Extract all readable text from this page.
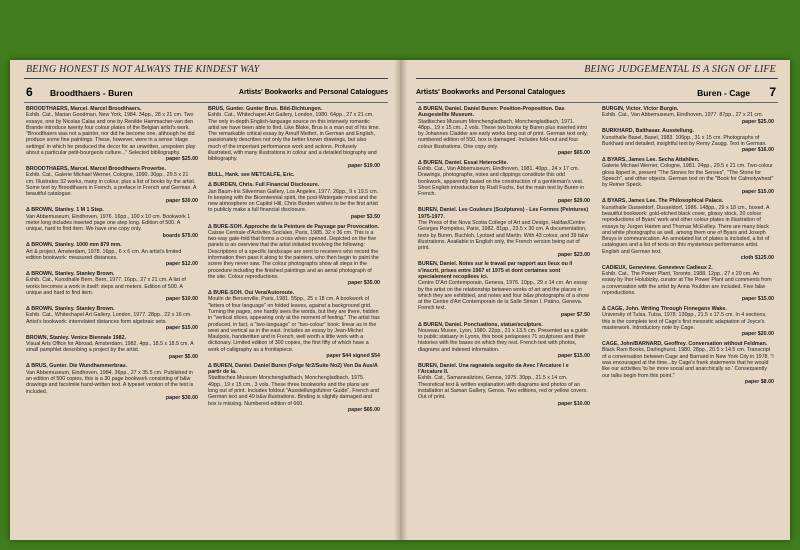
BEING HONEST IS NOT ALWAYS THE KINDEST WAY
6 Broodthaers - Buren	Artists' Bookworks and Personal Catalogues
BROODTHAERS, Marcel. Marcel Broodthaers.
Exhib. Cat., Marian Goodman, New York, 1984. 34pp., 28 x 21 cm. Two essays, one by Nicolas Calas and one by Renilde Hammacher-van den Brande introduce twenty four colour plates of the Belgian artist's work. "Broodthaers was not a painter, nor did he become one, although he did produce some fine paintings. These, however, were in a sense 'stage settings' in which he produced the decor for an unwritten, unspoken play about a particular petit-bourgeois culture..." Selected bibliography.
paper $25.00
BROODTHAERS, Marcel. Marcel Broodthaers Proverbe.
Exhib. Cat., Galerie Michael Werner, Cologne, 1990. 30pp., 29.5 x 21 cm. Illustrates 32 works, many in colour, plus a list of books by the artist. Some text by Broodthaers in French, a preface in French and German. A beautiful catalogue.
paper $30.00
Δ BROWN, Stanley. 1 M 1 Step.
Van Abbemuseum, Eindhoven, 1976. 16pp., 100 x 10 cm. Bookwork 1 meter long includes inserted page one step long. Edition of 500. A unique, hard to find item. We have one copy only.
boards $75.00
Δ BROWN, Stanley. 1000 mm 879 mm.
Art & project, Amsterdam, 1978. 16pp., 6 x 6 cm. An artist's limited edition bookwork: measured distances.
paper $12.00
Δ BROWN, Stanley. Stanley Brown.
Exhib. Cat., Kunsthalle Bern, Bern, 1977. 16pp., 27 x 21 cm. A list of works becomes a work in itself: steps and meters. Edition of 500. A unique and hard to find item.
paper $10.00
Δ BROWN, Stanley. Stanley Brown.
Exhib. Cat., Whitechapel Art Gallery, London, 1977. 28pp., 22 x 16 cm. Artist's bookwork: interrelated distances form algebraic sets.
paper $15.00
BROWN, Stanley. Venice Biennale 1982.
Visual Arts Office for Abroad, Amsterdam, 1982. 4pp., 18.5 x 18.5 cm. A small pamphlet describing a project by the artist.
paper $5.00
Δ BRUS, Gunter. Die Wundhammerbrau.
Van Abbemuseum, Eindhoven, 1984. 36pp., 27 x 35.5 cm. Published in an edition of 500 copies, this is a 30 page bookwork consisting of b&w drawings and facsimile hand-written text. A typeset version of the text is included.
paper $30.00
BRUS, Gunter. Gunter Brus. Bild-Dichtungen.
Exhib. Cat., Whitechapel Art Gallery, London, 1980. 64pp., 27 x 21 cm. The only in-depth English-language source on this intensely romantic artist we have been able to find. Like Blake, Brus is a man out of his time. The remarkable critical essay by Arnulf Meifert, in German and English, passionately describes not only the better known drawings, but also much of the important performance work and actions. Profusely illustrated, with many illustrations in colour and a detailed biography and bibliography.
paper $19.00
BULL, Hank. see METCALFE, Eric.
Δ BURDEN, Chris. Full Financial Disclosure.
Jan Baum-Iris Silverman Gallery, Los Angeles, 1977. 26pp., 9 x 19.5 cm. In keeping with the Bicentennial spirit, the post-Watergate mood and the new atmosphere on Capitol Hill, Chris Burden wishes to be the first artist to publicly make a full financial disclosure.
paper $3.50
Δ BURE-SOH. Approche de la Peinture de Paysage par Provocation.
Caisse Centrale d'Activites Sociales, Paris, 1985. 32 x 36 cm. This is a two-way gate-fold that forms a cross when opened. Depicted on the five panels is an overview that the artist initiated involving the following: Descriptions of a specific landscape are sent to receivers who record the information then pass it along to the painters, who then begin to paint the scene they never saw. The colour photographs show all steps in the procedure including the finished paintings and an aerial photograph of the site. Colour reproductions.
paper $35.00
Δ BURE-SOH. Oui Vera/Autoroute.
Moulin de Bercenville, Paris, 1981. 55pp., 25 x 18 cm. A bookwork of "letters of four language" on folded leaves, against a background grid. Turning the pages, one hardly sees the words, but they are there, hidden in "vertical slices, appearing only at the moment of feeling." The artist has produced, in fact, a "two-language" or "two-colour" book: linear as in the west and vertical as in the east. Includes an essay by Jean-Michel Maulpoix, handwritten and in French, well worth a little work with a dictionary. Limited edition of 300 copies, the first fifty of which have a work of calligraphy as a frontispiece.
paper $44 signed $54
Δ BUREN, Daniel. Daniel Buren (Folge Nr2/Suite No2) Von Da Aus/A partir de la.
Stadtisches Museum Monchengladbach, Monchengladbach, 1975. 49pp., 19 x 15 cm., 3 vols. These three bookworks and the plans are long out of print. Includes foldout "Ausstellungsfuhrer Guide". French and German text and 49 b&w illustrations. Binding is slightly damaged and box is missing. Numbered edition of 660.
paper $65.00
BEING JUDGEMENTAL IS A SIGN OF LIFE
Artists' Bookworks and Personal Catalogues	Buren - Cage 7
Δ BUREN, Daniel. Daniel Buren: Position-Proposition. Das Ausgestellte Museum.
Stadtisches Museum Monchengladbach, Monchengladbach, 1971. 48pp., 19 x 15 cm., 2 vols. These two books by Buren plus inserted intro by Johannes Cladder are early works long out of print. German text only, numbered edition of 550, box is damaged. Includes fold-out and four colour illustrations. One copy only.
paper $65.00
Δ BUREN, Daniel. Essai Heteroclite.
Exhib. Cat., Van Abbemuseum, Eindhoven, 1981. 40pp., 24 x 17 cm. Drawings, photographs, notes and clippings constitute this odd bookwork, apparently based on the construction of a gentleman's vest. Short English introduction by Rudi Fuchs, but the main text by Buren in French.
paper $29.00
BUREN, Daniel. Les Couleurs (Sculptures) - Les Formes (Peintures) 1975-1977.
The Press of the Nova Scotia College of Art and Design, Halifax/Centre Georges Pompidou, Paris, 1982. 81pp., 23.5 x 30 cm. A documentation, texts by Buren, Buchloh, Lyotard and Martin. With 43 colour, and 39 b&w illustrations. Available in English only, the French version being out of print.
paper $23.00
BUREN, Daniel. Notes sur le travail par rapport aux lieux ou il s'inscrit, prises entre 1967 et 1975 et dont certaines sont specialement recopilees ici.
Centre D'Art Contemporain, Geneva, 1976. 10pp., 29 x 14 cm. An essay by the artist on the relationship between works of art and the places in which they are exhibited, and notes and four b&w photographs of a show at the Centre d'Art Contemporain de la Salle Simon I. Patino, Geneva. French text.
paper $7.50
Δ BUREN, Daniel. Ponctuations, statue/sculpture.
Nouveau Musee, Lyon, 1980. 22pp., 21 x 13.5 cm. Presented as a guide to public statuary in Lyons, this book juxtaposes 71 sculptures and their histories with the bases on which they rest. French text with photos, diagrams and indexed information.
paper $15.00
BUREN, Daniel. Una ragnatela seguito da Avec l'Arcature l e l'Arcature II.
Exhib. Cat., Samanealizioni, Genoa, 1975. 30pp., 21.5 x 14 cm. Theoretical text & written explanation with diagrams and photos of an installation at Saman Gallery, Genoa. Two editions, red or yellow covers. Out of print.
paper $10.00
BURGIN, Victor. Victor Burgin.
Exhib. Cat., Van Abbemuseum, Eindhoven, 1977. 87pp., 27 x 21 cm.
paper $25.00
BURKHARD, Balthasar. Ausstellung.
Kunsthalle Basel, Basel, 1983. 106pp., 31 x 15 cm. Photographs of Burkhard and detailed, insightful text by Remy Zaugg. Text in German.
paper $16.00
Δ BYARS, James Lee. Secha Attahilen.
Galerie Michael Werner, Cologne, 1981. 24pp., 29.5 x 21 cm. Two-colour gloss lipped in, present "The Stones for the Senses", "The Stone for Speech", and other objects. German text on the "Book for Calmotywhest" by Reiner Speck.
paper $15.00
Δ BYARS, James Lee. The Philosophical Palace.
Kunsthalle Dusseldorf, Dusseldorf, 1986. 148pp., 29 x 18 cm., boxed. A beautiful bookwork: gold-etched black cover, glossy stock, 20 colour reproductions of Byars' work and other colour plates in illustration of essays by Jurgen Harten and Thomas McEvilley. There are many black and white photographs as well, among them one of Byars and Joseph Beuys in communication. An annotated list of plates is included, a list of catalogues and a list of texts on this mysterious performance artist. English and German text.
cloth $125.00
CADIEUX, Genevieve. Genevieve Cadieux 2.
Exhib. Cat., The Power Plant, Toronto, 1988. 12pp., 27 x 20 cm. An essay by Ihor Holubizky, curator at The Power Plant and comments from a conversation with the artist by Anna Youldon are included. Five b&w reproductions.
paper $15.00
Δ CAGE, John. Writing Through Finnegans Wake.
University of Tulsa, Tulsa, 1978. 130pp., 21.5 x 17.5 cm. In 4 sections, this is the complete text of Cage's first mesostic adaptation of Joyce's masterwork. Introductory note by Cage.
paper $20.00
CAGE, John/BARNARD, Geoffrey. Conversation without Feldman.
Black Ram Books, Darlinghurst, 1980. 28pp., 20.5 x 14.5 cm. Transcript of a conversation between Cage and Barnard in New York City in 1978. "I was encouraged at the time...by Cage's frank statements that he would like our activities 'to be more social and anarchically so.' Consequently our talks begin from this point."
paper $8.00
